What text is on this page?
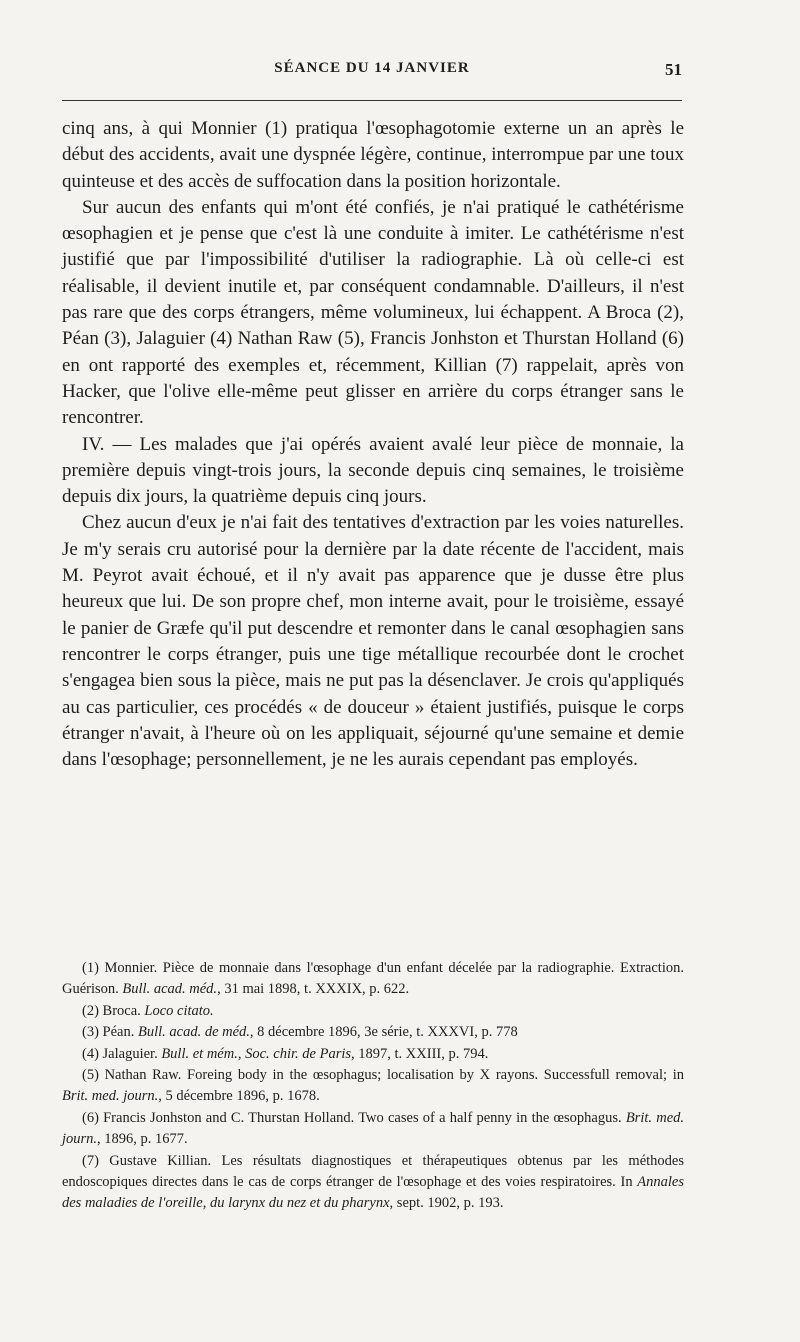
SÉANCE DU 14 JANVIER	51

cinq ans, à qui Monnier (1) pratiqua l'œsophagotomie externe un an après le début des accidents, avait une dyspnée légère, continue, interrompue par une toux quinteuse et des accès de suffocation dans la position horizontale.

Sur aucun des enfants qui m'ont été confiés, je n'ai pratiqué le cathétérisme œsophagien et je pense que c'est là une conduite à imiter. Le cathétérisme n'est justifié que par l'impossibilité d'utiliser la radiographie. Là où celle-ci est réalisable, il devient inutile et, par conséquent condamnable. D'ailleurs, il n'est pas rare que des corps étrangers, même volumineux, lui échappent. A Broca (2), Péan (3), Jalaguier (4) Nathan Raw (5), Francis Jonhston et Thurstan Holland (6) en ont rapporté des exemples et, récemment, Killian (7) rappelait, après von Hacker, que l'olive elle-même peut glisser en arrière du corps étranger sans le rencontrer.

IV. — Les malades que j'ai opérés avaient avalé leur pièce de monnaie, la première depuis vingt-trois jours, la seconde depuis cinq semaines, le troisième depuis dix jours, la quatrième depuis cinq jours.

Chez aucun d'eux je n'ai fait des tentatives d'extraction par les voies naturelles. Je m'y serais cru autorisé pour la dernière par la date récente de l'accident, mais M. Peyrot avait échoué, et il n'y avait pas apparence que je dusse être plus heureux que lui. De son propre chef, mon interne avait, pour le troisième, essayé le panier de Græfe qu'il put descendre et remonter dans le canal œsophagien sans rencontrer le corps étranger, puis une tige métallique recourbée dont le crochet s'engagea bien sous la pièce, mais ne put pas la désenclaver. Je crois qu'appliqués au cas particulier, ces procédés « de douceur » étaient justifiés, puisque le corps étranger n'avait, à l'heure où on les appliquait, séjourné qu'une semaine et demie dans l'œsophage; personnellement, je ne les aurais cependant pas employés.

(1) Monnier. Pièce de monnaie dans l'œsophage d'un enfant décelée par la radiographie. Extraction. Guérison. Bull. acad. méd., 31 mai 1898, t. XXXIX, p. 622.

(2) Broca. Loco citato.

(3) Péan. Bull. acad. de méd., 8 décembre 1896, 3e série, t. XXXVI, p. 778

(4) Jalaguier. Bull. et mém., Soc. chir. de Paris, 1897, t. XXIII, p. 794.

(5) Nathan Raw. Foreing body in the œsophagus; localisation by X rayons. Successfull removal; in Brit. med. journ., 5 décembre 1896, p. 1678.

(6) Francis Jonhston and C. Thurstan Holland. Two cases of a half penny in the œsophagus. Brit. med. journ., 1896, p. 1677.

(7) Gustave Killian. Les résultats diagnostiques et thérapeutiques obtenus par les méthodes endoscopiques directes dans le cas de corps étranger de l'œsophage et des voies respiratoires. In Annales des maladies de l'oreille, du larynx du nez et du pharynx, sept. 1902, p. 193.
